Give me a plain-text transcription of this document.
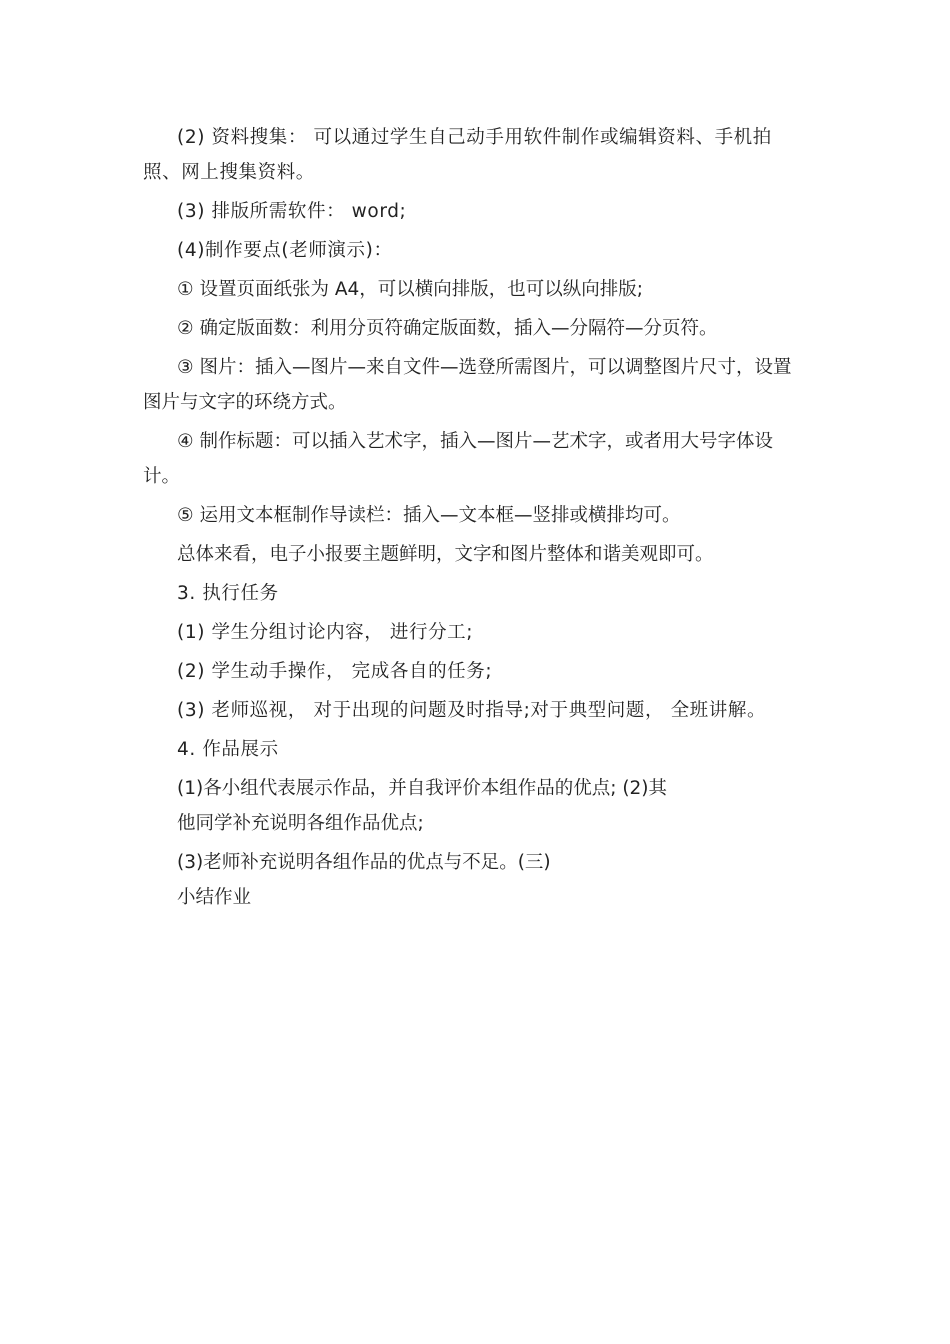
(2) 资料搜集： 可以通过学生自己动手用软件制作或编辑资料、手机拍照、网上搜集资料。

(3) 排版所需软件： word;

(4)制作要点(老师演示)：

① 设置页面纸张为 A4，可以横向排版，也可以纵向排版;

② 确定版面数：利用分页符确定版面数，插入—分隔符—分页符。

③ 图片：插入—图片—来自文件—选登所需图片，可以调整图片尺寸，设置图片与文字的环绕方式。

④ 制作标题：可以插入艺术字，插入—图片—艺术字，或者用大号字体设计。

⑤ 运用文本框制作导读栏：插入—文本框—竖排或横排均可。

总体来看，电子小报要主题鲜明，文字和图片整体和谐美观即可。

3. 执行任务

(1) 学生分组讨论内容， 进行分工;

(2) 学生动手操作， 完成各自的任务;

(3) 老师巡视， 对于出现的问题及时指导;对于典型问题， 全班讲解。

4. 作品展示

(1)各小组代表展示作品，并自我评价本组作品的优点; (2)其

他同学补充说明各组作品优点;

(3)老师补充说明各组作品的优点与不足。(三)

小结作业
